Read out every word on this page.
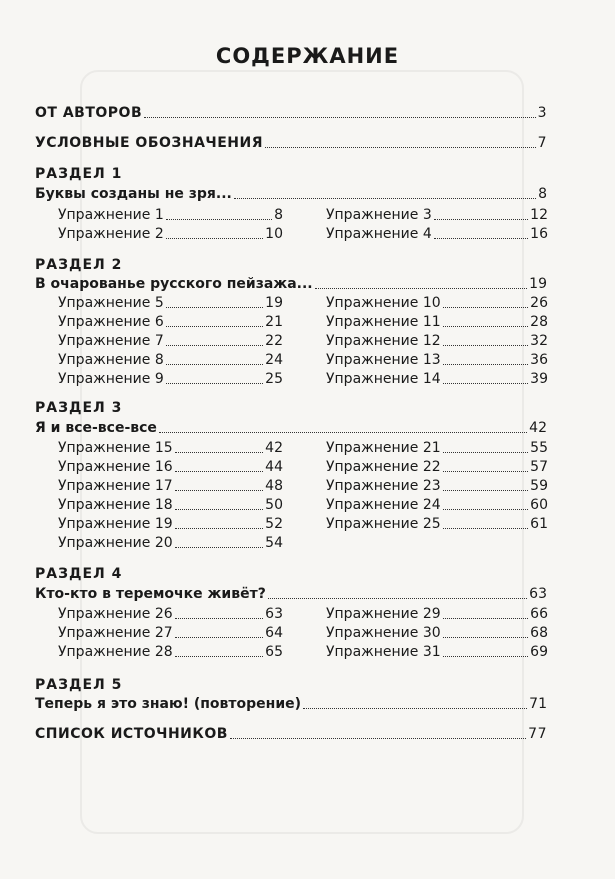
СОДЕРЖАНИЕ
ОТ АВТОРОВ	3
УСЛОВНЫЕ ОБОЗНАЧЕНИЯ	7
РАЗДЕЛ 1
Буквы созданы не зря...	8
Упражнение 1	8
Упражнение 2	10
Упражнение 3	12
Упражнение 4	16
РАЗДЕЛ 2
В очарованье русского пейзажа...	19
Упражнение 5	19
Упражнение 6	21
Упражнение 7	22
Упражнение 8	24
Упражнение 9	25
Упражнение 10	26
Упражнение 11	28
Упражнение 12	32
Упражнение 13	36
Упражнение 14	39
РАЗДЕЛ 3
Я и все-все-все	42
Упражнение 15	42
Упражнение 16	44
Упражнение 17	48
Упражнение 18	50
Упражнение 19	52
Упражнение 20	54
Упражнение 21	55
Упражнение 22	57
Упражнение 23	59
Упражнение 24	60
Упражнение 25	61
РАЗДЕЛ 4
Кто-кто в теремочке живёт?	63
Упражнение 26	63
Упражнение 27	64
Упражнение 28	65
Упражнение 29	66
Упражнение 30	68
Упражнение 31	69
РАЗДЕЛ 5
Теперь я это знаю! (повторение)	71
СПИСОК ИСТОЧНИКОВ	77
